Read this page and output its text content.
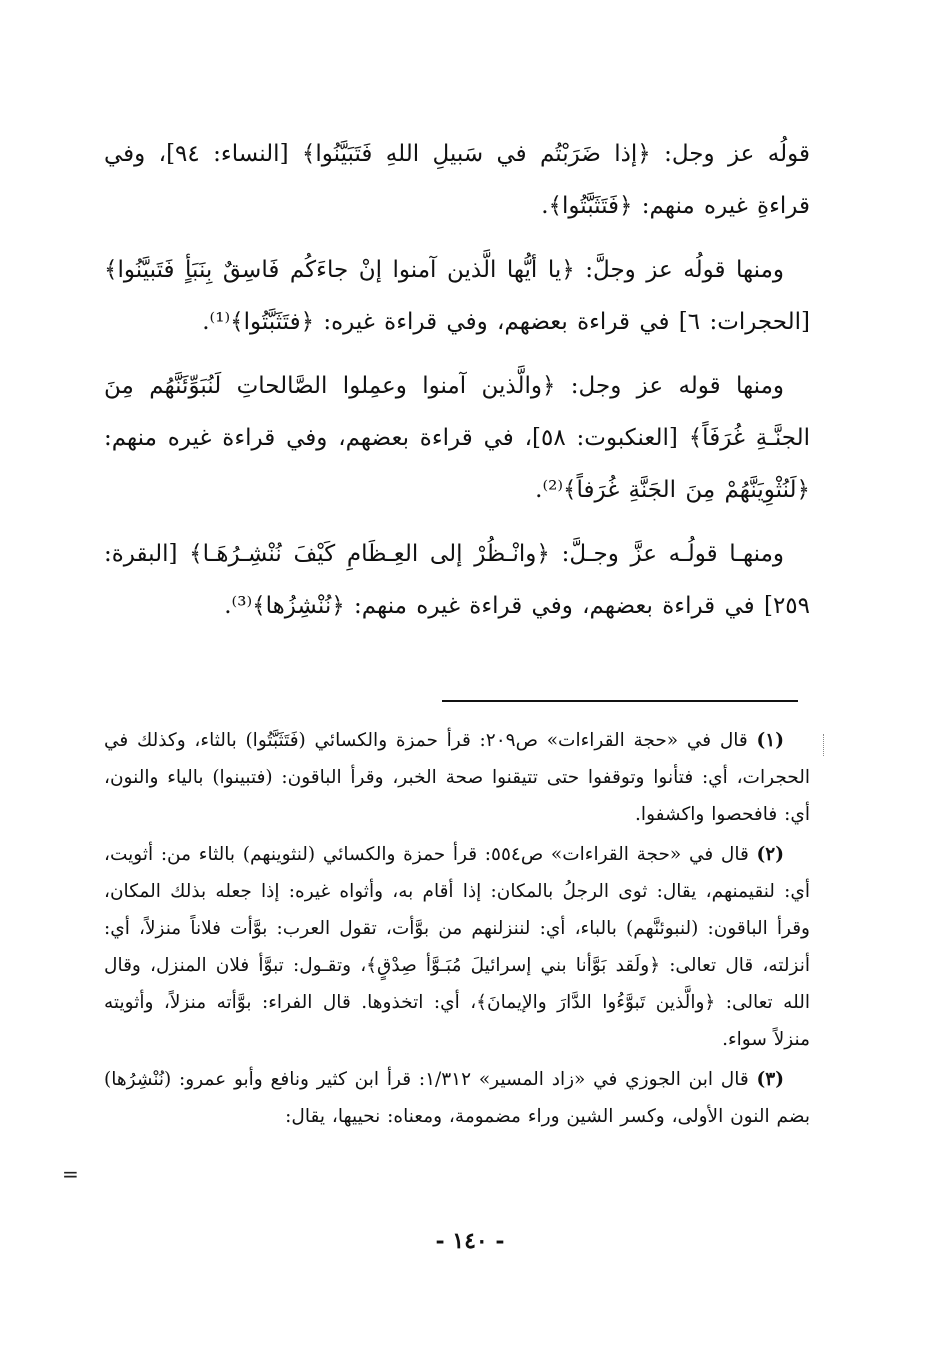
قولُه عز وجل: ﴿إذا ضَرَبْتُم في سَبيلِ اللهِ فَتَبَيَّنُوا﴾ [النساء: ٩٤]، وفي قراءةِ غيره منهم: ﴿فَتَثَبَّتُوا﴾.

ومنها قولُه عز وجلَّ: ﴿يا أيُّها الَّذين آمنوا إنْ جاءَكُم فَاسِقٌ بِنَبَأٍ فَتَبيَّنُوا﴾ [الحجرات: ٦] في قراءة بعضهم، وفي قراءة غيره: ﴿فتَثَبَّتُوا﴾⁽¹⁾.

ومنها قوله عز وجل: ﴿والَّذين آمنوا وعمِلوا الصَّالحاتِ لَنُبَوِّئَنَّهُم مِنَ الجنَّـةِ غُرَفَاً﴾ [العنكبوت: ٥٨]، في قراءة بعضهم، وفي قراءة غيره منهم: ﴿لَنُثْوِيَنَّهُمْ مِنَ الجَنَّةِ غُرَفاً﴾⁽²⁾.

ومنهـا قولُـه عزَّ وجـلَّ: ﴿وانْـظُرْ إلى العِـظَامِ كَيْفَ نُنْشِـرُهَـا﴾ [البقرة: ٢٥٩] في قراءة بعضهم، وفي قراءة غيره منهم: ﴿نُنْشِزُها﴾⁽³⁾.

(١) قال في «حجة القراءات» ص٢٠٩: قرأ حمزة والكسائي (فَتَثَبَّتُوا) بالثاء، وكذلك في الحجرات، أي: فتأنوا وتوقفوا حتى تتيقنوا صحة الخبر، وقرأ الباقون: (فتبينوا) بالياء والنون، أي: فافحصوا واكشفوا.

(٢) قال في «حجة القراءات» ص٥٥٤: قرأ حمزة والكسائي (لنثوينهم) بالثاء من: أثويت، أي: لنقيمنهم، يقال: ثوى الرجلُ بالمكان: إذا أقام به، وأثواه غيره: إذا جعله بذلك المكان، وقرأ الباقون: (لنبوئنَّهم) بالباء، أي: لننزلنهم من بوَّأت، تقول العرب: بوَّأت فلاناً منزلاً، أي: أنزلته، قال تعالى: ﴿ولَقد بَوَّأنا بني إسرائيلَ مُبَـوَّأ صِدْقٍ﴾، وتقـول: تبوَّأ فلان المنزل، وقال الله تعالى: ﴿والَّذين تَبوَّءُوا الدَّارَ والإيمانَ﴾، أي: اتخذوها. قال الفراء: بوَّأته منزلاً، وأثويته منزلاً سواء.

(٣) قال ابن الجوزي في «زاد المسير» ١/٣١٢: قرأ ابن كثير ونافع وأبو عمرو: (نُنْشِرُها) بضم النون الأولى، وكسر الشين وراء مضمومة، ومعناه: نحييها، يقال:

=
- ١٤٠ -
